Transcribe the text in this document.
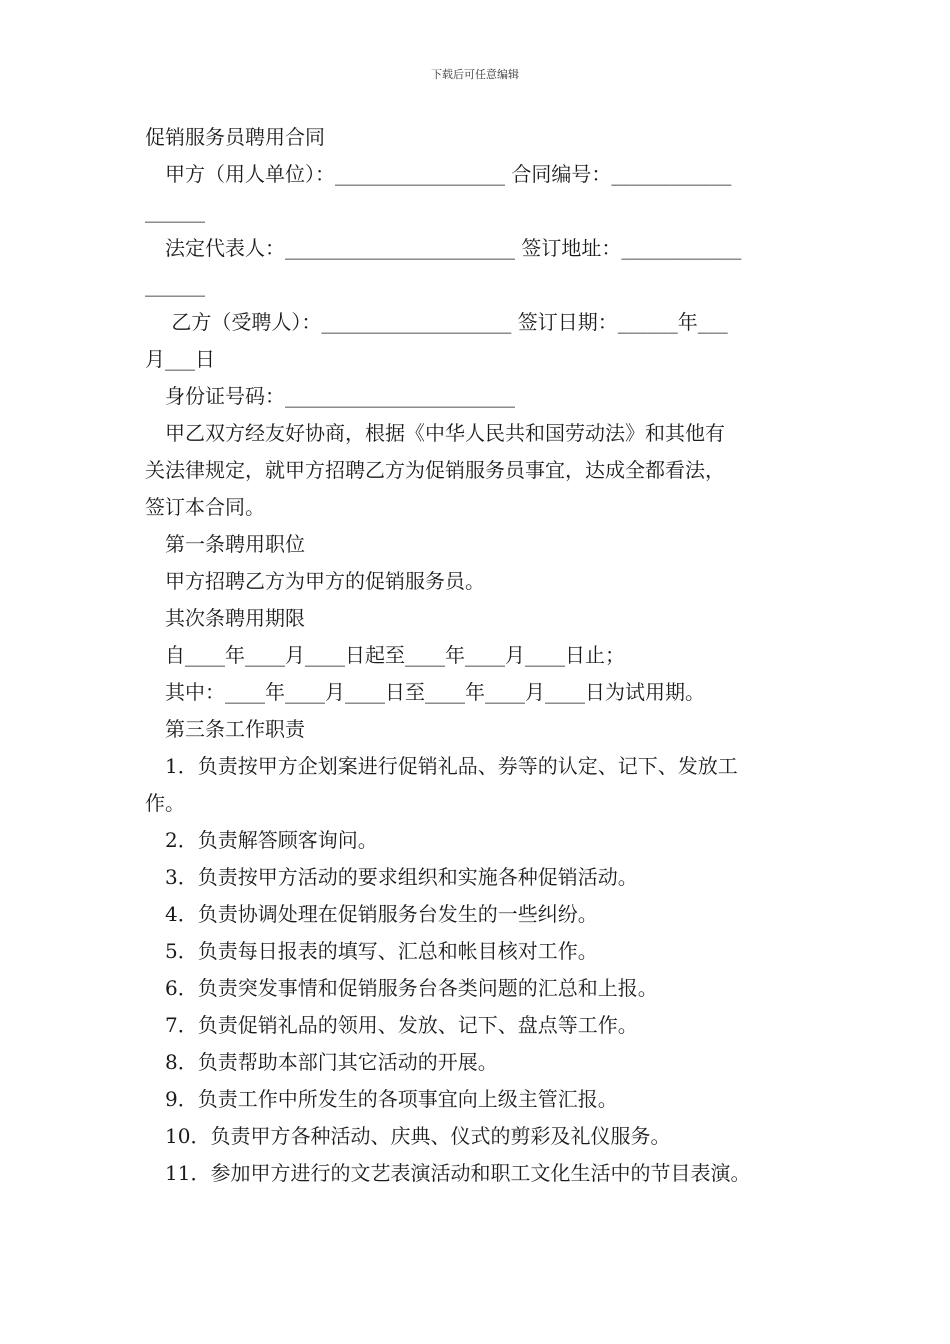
下载后可任意编辑

促销服务员聘用合同

甲方（用人单位）：_________________ 合同编号：____________

______

法定代表人：_______________________ 签订地址：____________

______

乙方（受聘人）：___________________ 签订日期：______年___

月___日

身份证号码：_______________________

甲乙双方经友好协商，根据《中华人民共和国劳动法》和其他有

关法律规定，就甲方招聘乙方为促销服务员事宜，达成全都看法，

签订本合同。

第一条聘用职位

甲方招聘乙方为甲方的促销服务员。

其次条聘用期限

自____年____月____日起至____年____月____日止；

其中：____年____月____日至____年____月____日为试用期。

第三条工作职责

1．负责按甲方企划案进行促销礼品、券等的认定、记下、发放工

作。

2．负责解答顾客询问。

3．负责按甲方活动的要求组织和实施各种促销活动。

4．负责协调处理在促销服务台发生的一些纠纷。

5．负责每日报表的填写、汇总和帐目核对工作。

6．负责突发事情和促销服务台各类问题的汇总和上报。

7．负责促销礼品的领用、发放、记下、盘点等工作。

8．负责帮助本部门其它活动的开展。

9．负责工作中所发生的各项事宜向上级主管汇报。

10．负责甲方各种活动、庆典、仪式的剪彩及礼仪服务。

11．参加甲方进行的文艺表演活动和职工文化生活中的节目表演。
